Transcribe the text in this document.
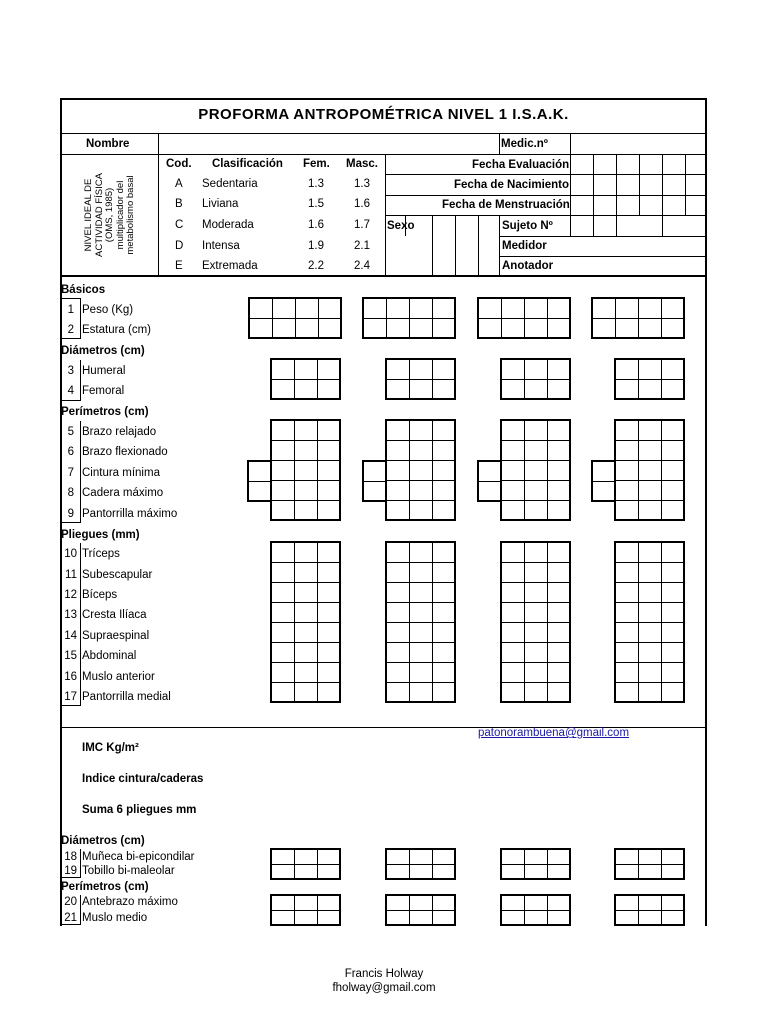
PROFORMA ANTROPOMÉTRICA NIVEL 1 I.S.A.K.
Nombre	Medic.nº
NIVEL IDEAL DE ACTIVIDAD FÍSICA (OMS, 1985) multiplicador del metabolismo basal
Cod. Clasificación Fem. Masc.
A Sedentaria	1.3	1.3
B Liviana	1.5	1.6
C Moderada	1.6	1.7
D Intensa	1.9	2.1
E Extremada	2.2	2.4
Fecha Evaluación
Fecha de Nacimiento
Fecha de Menstruación
Sexo	Sujeto Nº
Medidor
Anotador
Básicos
Diámetros (cm)
Perímetros (cm)
Pliegues (mm)
1 Peso (Kg)
2 Estatura (cm)
3 Humeral
4 Femoral
5 Brazo relajado
6 Brazo flexionado
7 Cintura mínima
8 Cadera máximo
9 Pantorrilla máximo
10 Tríceps
11 Subescapular
12 Bíceps
13 Cresta Ilíaca
14 Supraespinal
15 Abdominal
16 Muslo anterior
17 Pantorrilla medial
patonorambuena@gmail.com
IMC Kg/m²
Indice cintura/caderas
Suma 6 pliegues mm
Diámetros (cm)
18 Muñeca bi-epicondilar
19 Tobillo bi-maleolar
Perímetros (cm)
20 Antebrazo máximo
21 Muslo medio
Francis Holway
fholway@gmail.com
